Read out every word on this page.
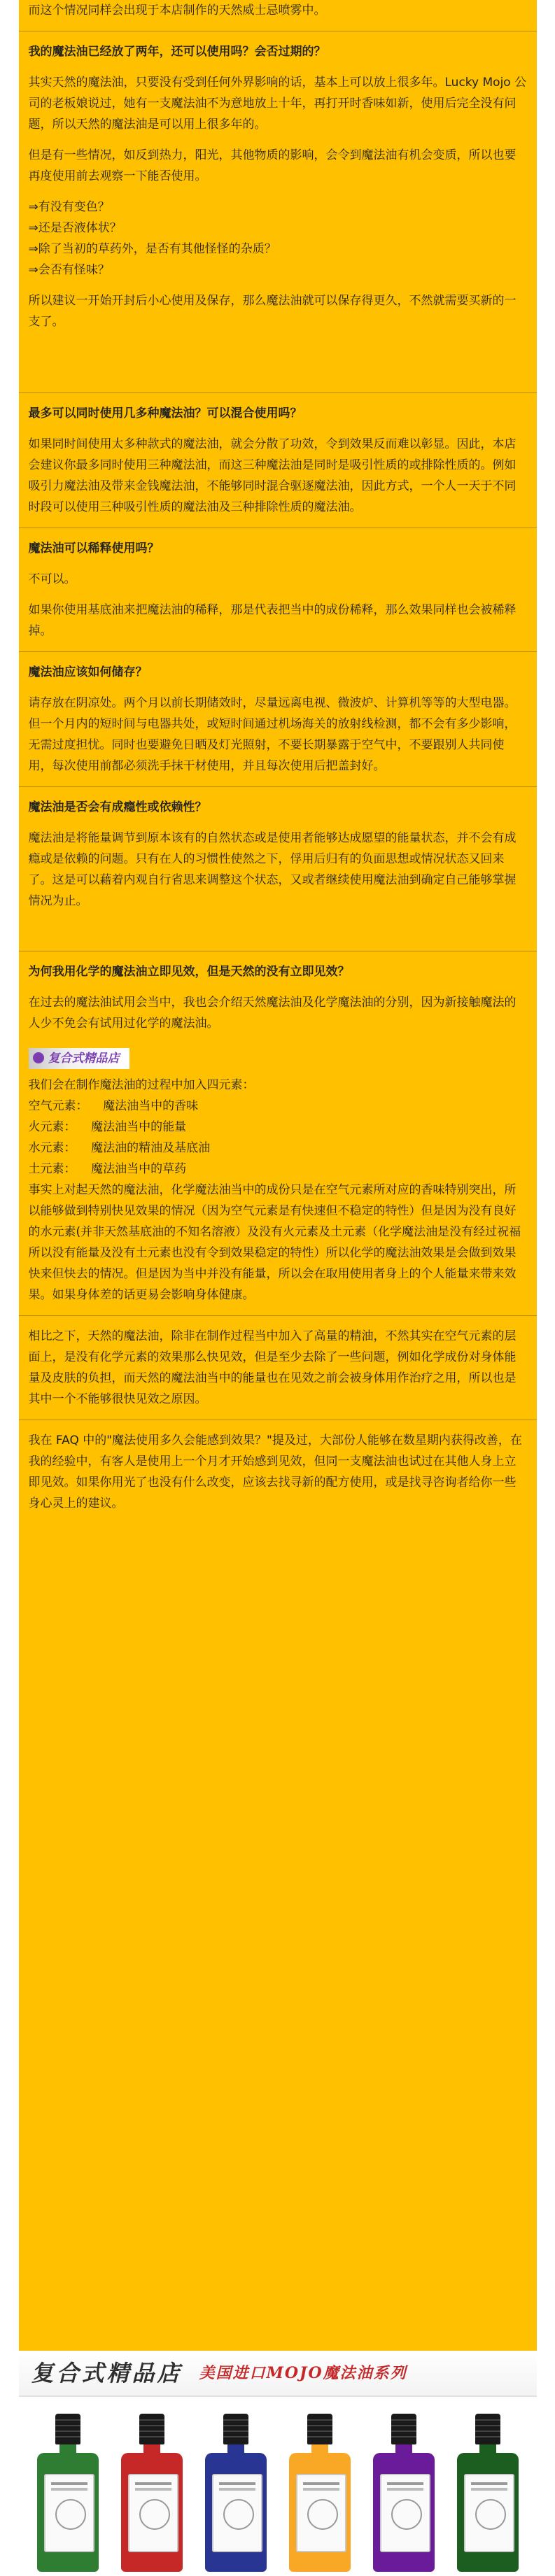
而这个情况同样会出现于本店制作的天然威士忌喷雾中。

我的魔法油已经放了两年，还可以使用吗？会否过期的？

其实天然的魔法油，只要没有受到任何外界影响的话，基本上可以放上很多年。Lucky Mojo 公司的老板娘说过，她有一支魔法油不为意地放上十年，再打开时香味如新，使用后完全没有问题，所以天然的魔法油是可以用上很多年的。

但是有一些情况，如反到热力，阳光，其他物质的影响，会令到魔法油有机会变质，所以也要再度使用前去观察一下能否使用。

⇒有没有变色？

⇒还是否液体状？

⇒除了当初的草药外，是否有其他怪怪的杂质？

⇒会否有怪味？

所以建议一开始开封后小心使用及保存，那么魔法油就可以保存得更久，不然就需要买新的一支了。

最多可以同时使用几多种魔法油？可以混合使用吗？

如果同时间使用太多种款式的魔法油，就会分散了功效，令到效果反而难以彰显。因此，本店会建议你最多同时使用三种魔法油，而这三种魔法油是同时是吸引性质的或排除性质的。例如吸引力魔法油及带来金钱魔法油，不能够同时混合驱逐魔法油，因此方式，一个人一天于不同时段可以使用三种吸引性质的魔法油及三种排除性质的魔法油。

魔法油可以稀释使用吗？

不可以。

如果你使用基底油来把魔法油的稀释，那是代表把当中的成份稀释，那么效果同样也会被稀释掉。

魔法油应该如何储存？

请存放在阴凉处。两个月以前长期储效时，尽量远离电视、微波炉、计算机等等的大型电器。但一个月内的短时间与电器共处，或短时间通过机场海关的放射线检测，都不会有多少影响，无需过度担忧。同时也要避免日晒及灯光照射，不要长期暴露于空气中，不要跟别人共同使用，每次使用前都必须洗手抹干材使用，并且每次使用后把盖封好。

魔法油是否会有成瘾性或依赖性？

魔法油是将能量调节到原本该有的自然状态或是使用者能够达成愿望的能量状态，并不会有成瘾或是依赖的问题。只有在人的习惯性使然之下，俘用后归有的负面思想或情况状态又回来了。这是可以藉着内观自行省思来调整这个状态，又或者继续使用魔法油到确定自己能够掌握情况为止。

为何我用化学的魔法油立即见效，但是天然的没有立即见效？

在过去的魔法油试用会当中，我也会介绍天然魔法油及化学魔法油的分别，因为新接触魔法的人少不免会有试用过化学的魔法油。

复合式精品店

我们会在制作魔法油的过程中加入四元素：

空气元素： 魔法油当中的香味

火元素： 魔法油当中的能量

水元素： 魔法油的精油及基底油

土元素： 魔法油当中的草药

事实上对起天然的魔法油，化学魔法油当中的成份只是在空气元素所对应的香味特别突出，所以能够做到特别快见效果的情况（因为空气元素是有快速但不稳定的特性）但是因为没有良好的水元素(并非天然基底油的不知名溶液）及没有火元素及土元素（化学魔法油是没有经过祝福所以没有能量及没有土元素也没有令到效果稳定的特性）所以化学的魔法油效果是会做到效果快来但快去的情况。但是因为当中并没有能量，所以会在取用使用者身上的个人能量来带来效果。如果身体差的话更易会影响身体健康。

相比之下，天然的魔法油，除非在制作过程当中加入了高量的精油，不然其实在空气元素的层面上，是没有化学元素的效果那么快见效，但是至少去除了一些问题，例如化学成份对身体能量及皮肤的负担，而天然的魔法油当中的能量也在见效之前会被身体用作治疗之用，所以也是其中一个不能够很快见效之原因。

我在 FAQ 中的"魔法使用多久会能感到效果？"提及过，大部份人能够在数星期内获得改善，在我的经验中，有客人是使用上一个月才开始感到见效，但同一支魔法油也试过在其他人身上立即见效。如果你用光了也没有什么改变，应该去找寻新的配方使用，或是找寻咨询者给你一些身心灵上的建议。

复合式精品店 美国进口MOJO魔法油系列
